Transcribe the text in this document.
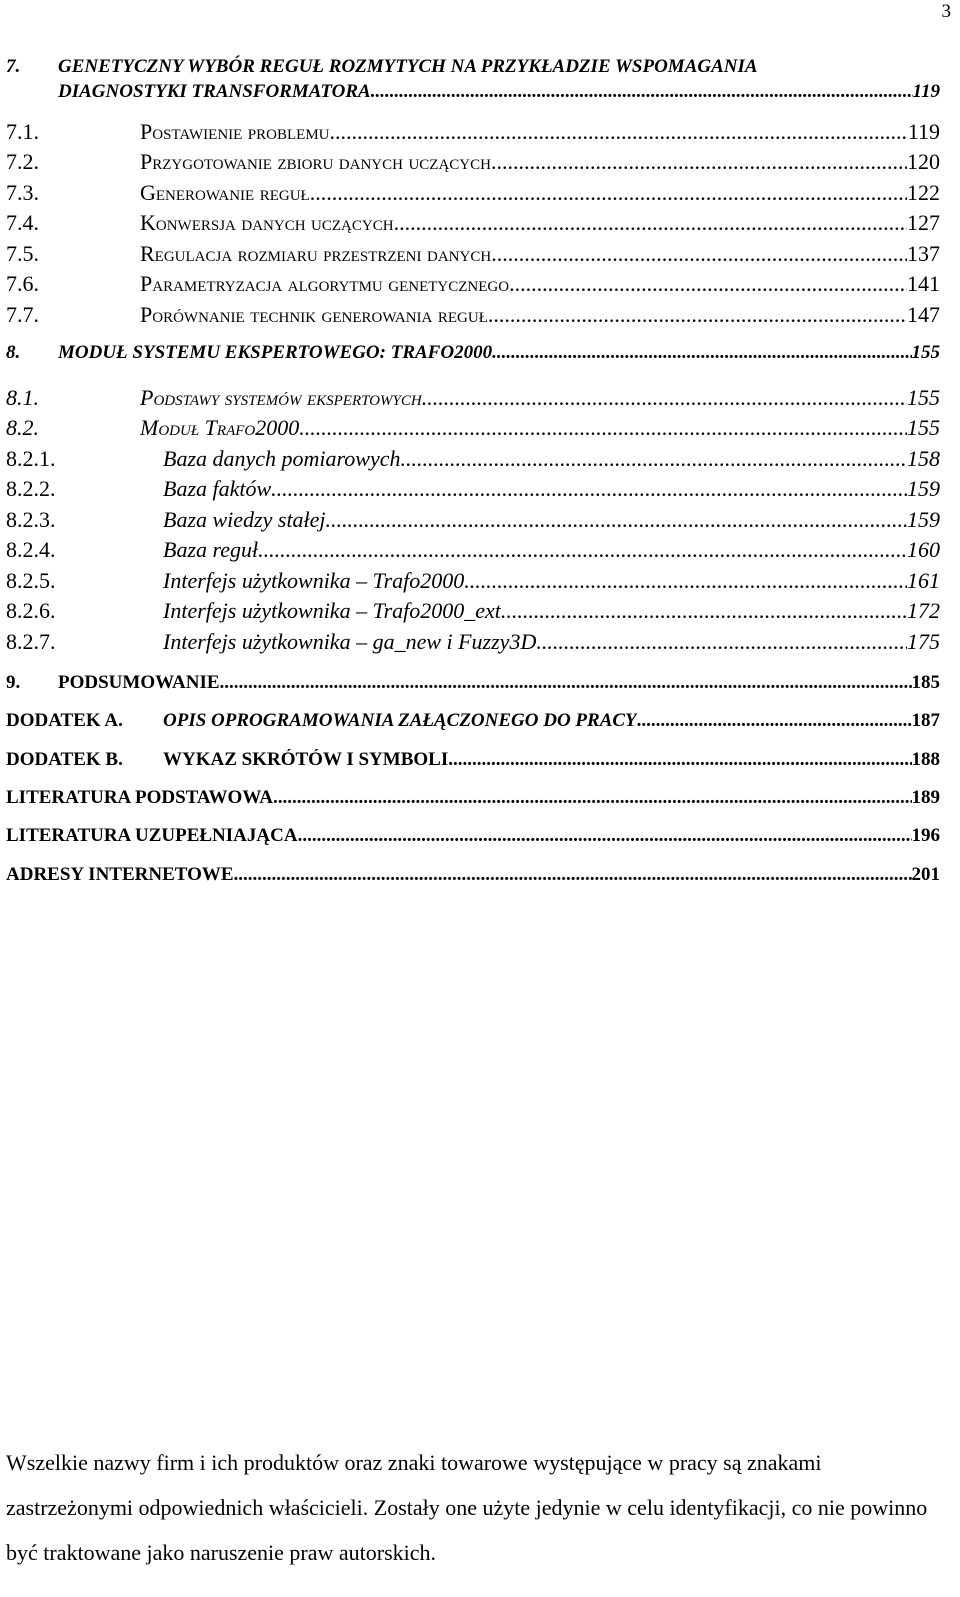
3
7. GENETYCZNY WYBÓR REGUŁ ROZMYTYCH NA PRZYKŁADZIE WSPOMAGANIA
DIAGNOSTYKI TRANSFORMATORA .....	119
7.1.	Postawienie problemu .....	119
7.2.	Przygotowanie zbioru danych uczących .....	120
7.3.	Generowanie reguł .....	122
7.4.	Konwersja danych uczących .....	127
7.5.	Regulacja rozmiaru przestrzeni danych .....	137
7.6.	Parametryzacja algorytmu genetycznego .....	141
7.7.	Porównanie technik generowania reguł .....	147
8.	MODUŁ SYSTEMU EKSPERTOWEGO: TRAFO2000 .....	155
8.1.	Podstawy systemów ekspertowych .....	155
8.2.	Moduł Trafo2000 .....	155
8.2.1.	Baza danych pomiarowych .....	158
8.2.2.	Baza faktów .....	159
8.2.3.	Baza wiedzy stałej .....	159
8.2.4.	Baza reguł .....	160
8.2.5.	Interfejs użytkownika – Trafo2000 .....	161
8.2.6.	Interfejs użytkownika – Trafo2000_ext .....	172
8.2.7.	Interfejs użytkownika – ga_new i Fuzzy3D .....	175
9.	PODSUMOWANIE .....	185
DODATEK A.	OPIS OPROGRAMOWANIA ZAŁĄCZONEGO DO PRACY .....	187
DODATEK B.	WYKAZ SKRÓTÓW I SYMBOLI .....	188
LITERATURA PODSTAWOWA .....	189
LITERATURA UZUPEŁNIAJĄCA .....	196
ADRESY INTERNETOWE .....	201
Wszelkie nazwy firm i ich produktów oraz znaki towarowe występujące w pracy są znakami zastrzeżonymi odpowiednich właścicieli. Zostały one użyte jedynie w celu identyfikacji, co nie powinno być traktowane jako naruszenie praw autorskich.
